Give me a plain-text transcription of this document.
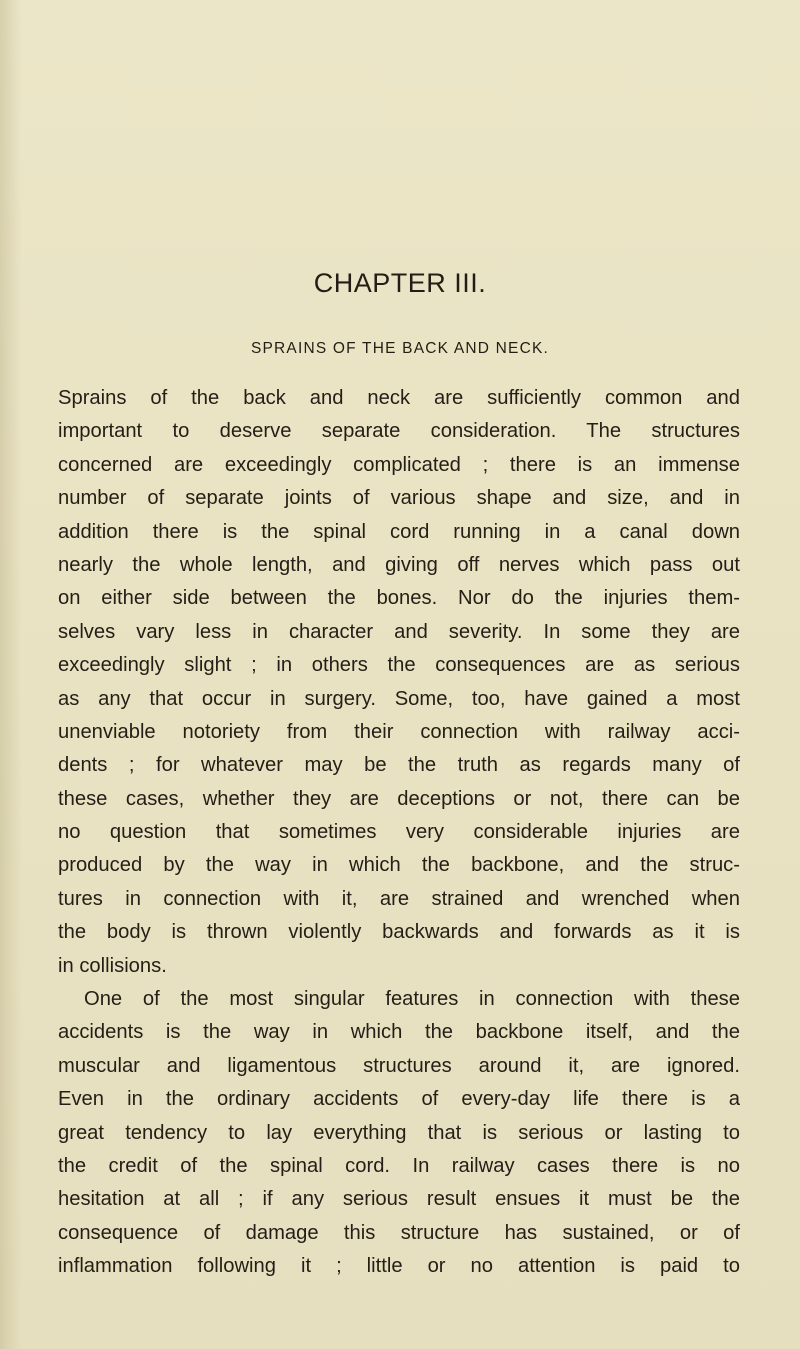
CHAPTER III.
SPRAINS OF THE BACK AND NECK.
Sprains of the back and neck are sufficiently common and
important to deserve separate consideration. The structures
concerned are exceedingly complicated ; there is an immense
number of separate joints of various shape and size, and in
addition there is the spinal cord running in a canal down
nearly the whole length, and giving off nerves which pass out
on either side between the bones. Nor do the injuries them-
selves vary less in character and severity. In some they are
exceedingly slight ; in others the consequences are as serious
as any that occur in surgery. Some, too, have gained a most
unenviable notoriety from their connection with railway acci-
dents ; for whatever may be the truth as regards many of
these cases, whether they are deceptions or not, there can be
no question that sometimes very considerable injuries are
produced by the way in which the backbone, and the struc-
tures in connection with it, are strained and wrenched when
the body is thrown violently backwards and forwards as it is
in collisions.
One of the most singular features in connection with these
accidents is the way in which the backbone itself, and the
muscular and ligamentous structures around it, are ignored.
Even in the ordinary accidents of every-day life there is a
great tendency to lay everything that is serious or lasting to
the credit of the spinal cord. In railway cases there is no
hesitation at all ; if any serious result ensues it must be the
consequence of damage this structure has sustained, or of
inflammation following it ; little or no attention is paid to
